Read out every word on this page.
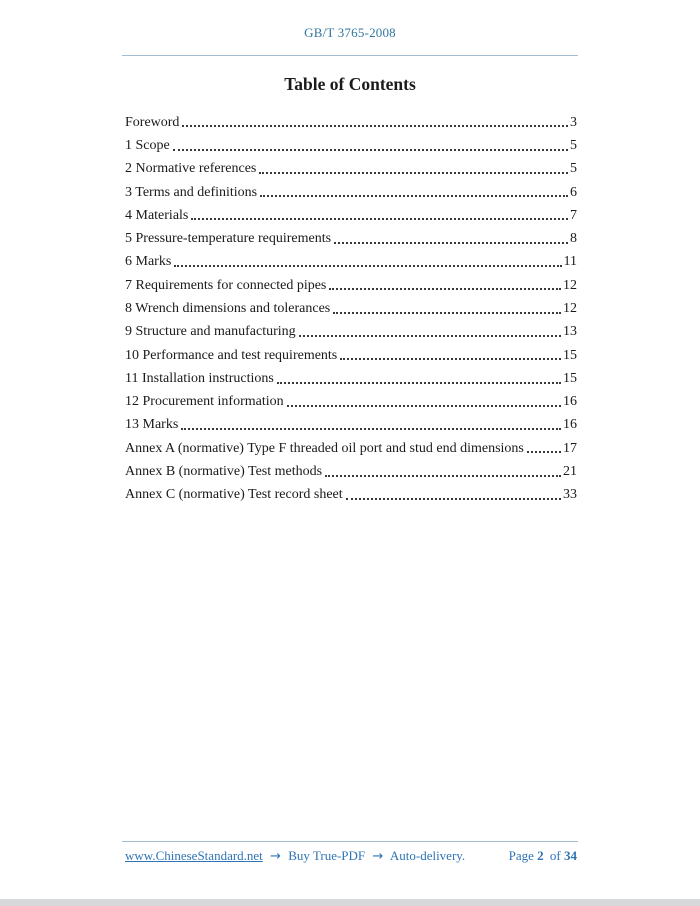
GB/T 3765-2008
Table of Contents
Foreword	3
1 Scope	5
2 Normative references	5
3 Terms and definitions	6
4 Materials	7
5 Pressure-temperature requirements	8
6 Marks	11
7 Requirements for connected pipes	12
8 Wrench dimensions and tolerances	12
9 Structure and manufacturing	13
10 Performance and test requirements	15
11 Installation instructions	15
12 Procurement information	16
13 Marks	16
Annex A (normative) Type F threaded oil port and stud end dimensions	17
Annex B (normative) Test methods	21
Annex C (normative) Test record sheet	33
www.ChineseStandard.net → Buy True-PDF → Auto-delivery.	Page 2 of 34
